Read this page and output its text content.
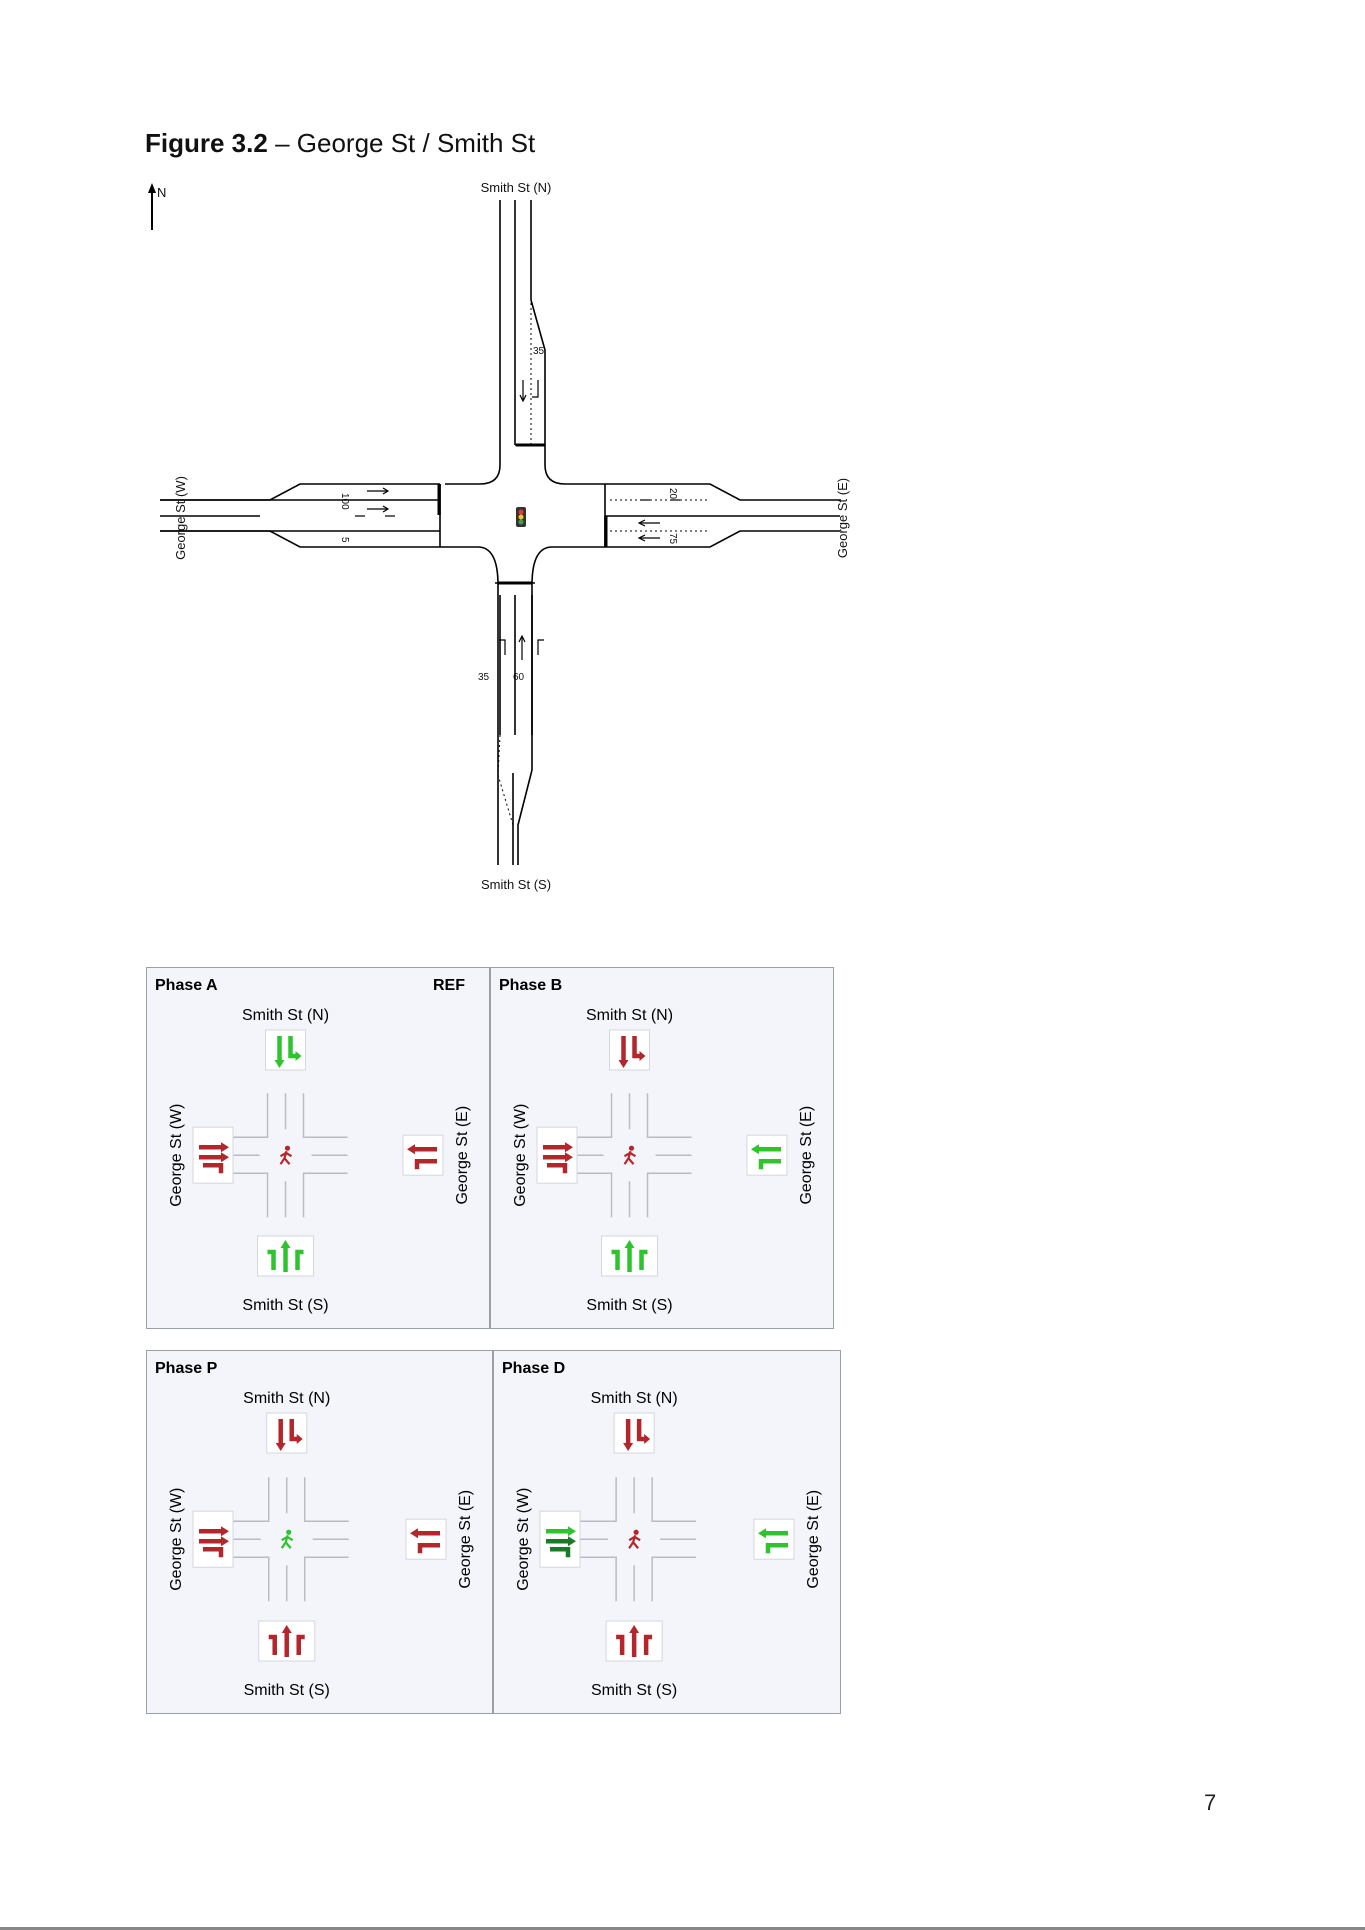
Figure 3.2 – George St / Smith St
N	Smith St (N)
Smith St (S)
George St (W)	George St (E)
35
100
5
20
75
35 60
Phase A	REF
Smith St (N)
Smith St (S)
George St (W)	George St (E)
Phase B
Smith St (N)
Smith St (S)
George St (W)	George St (E)
Phase P
Smith St (N)
Smith St (S)
George St (W)	George St (E)
Phase D
Smith St (N)
Smith St (S)
George St (W)	George St (E)
7
